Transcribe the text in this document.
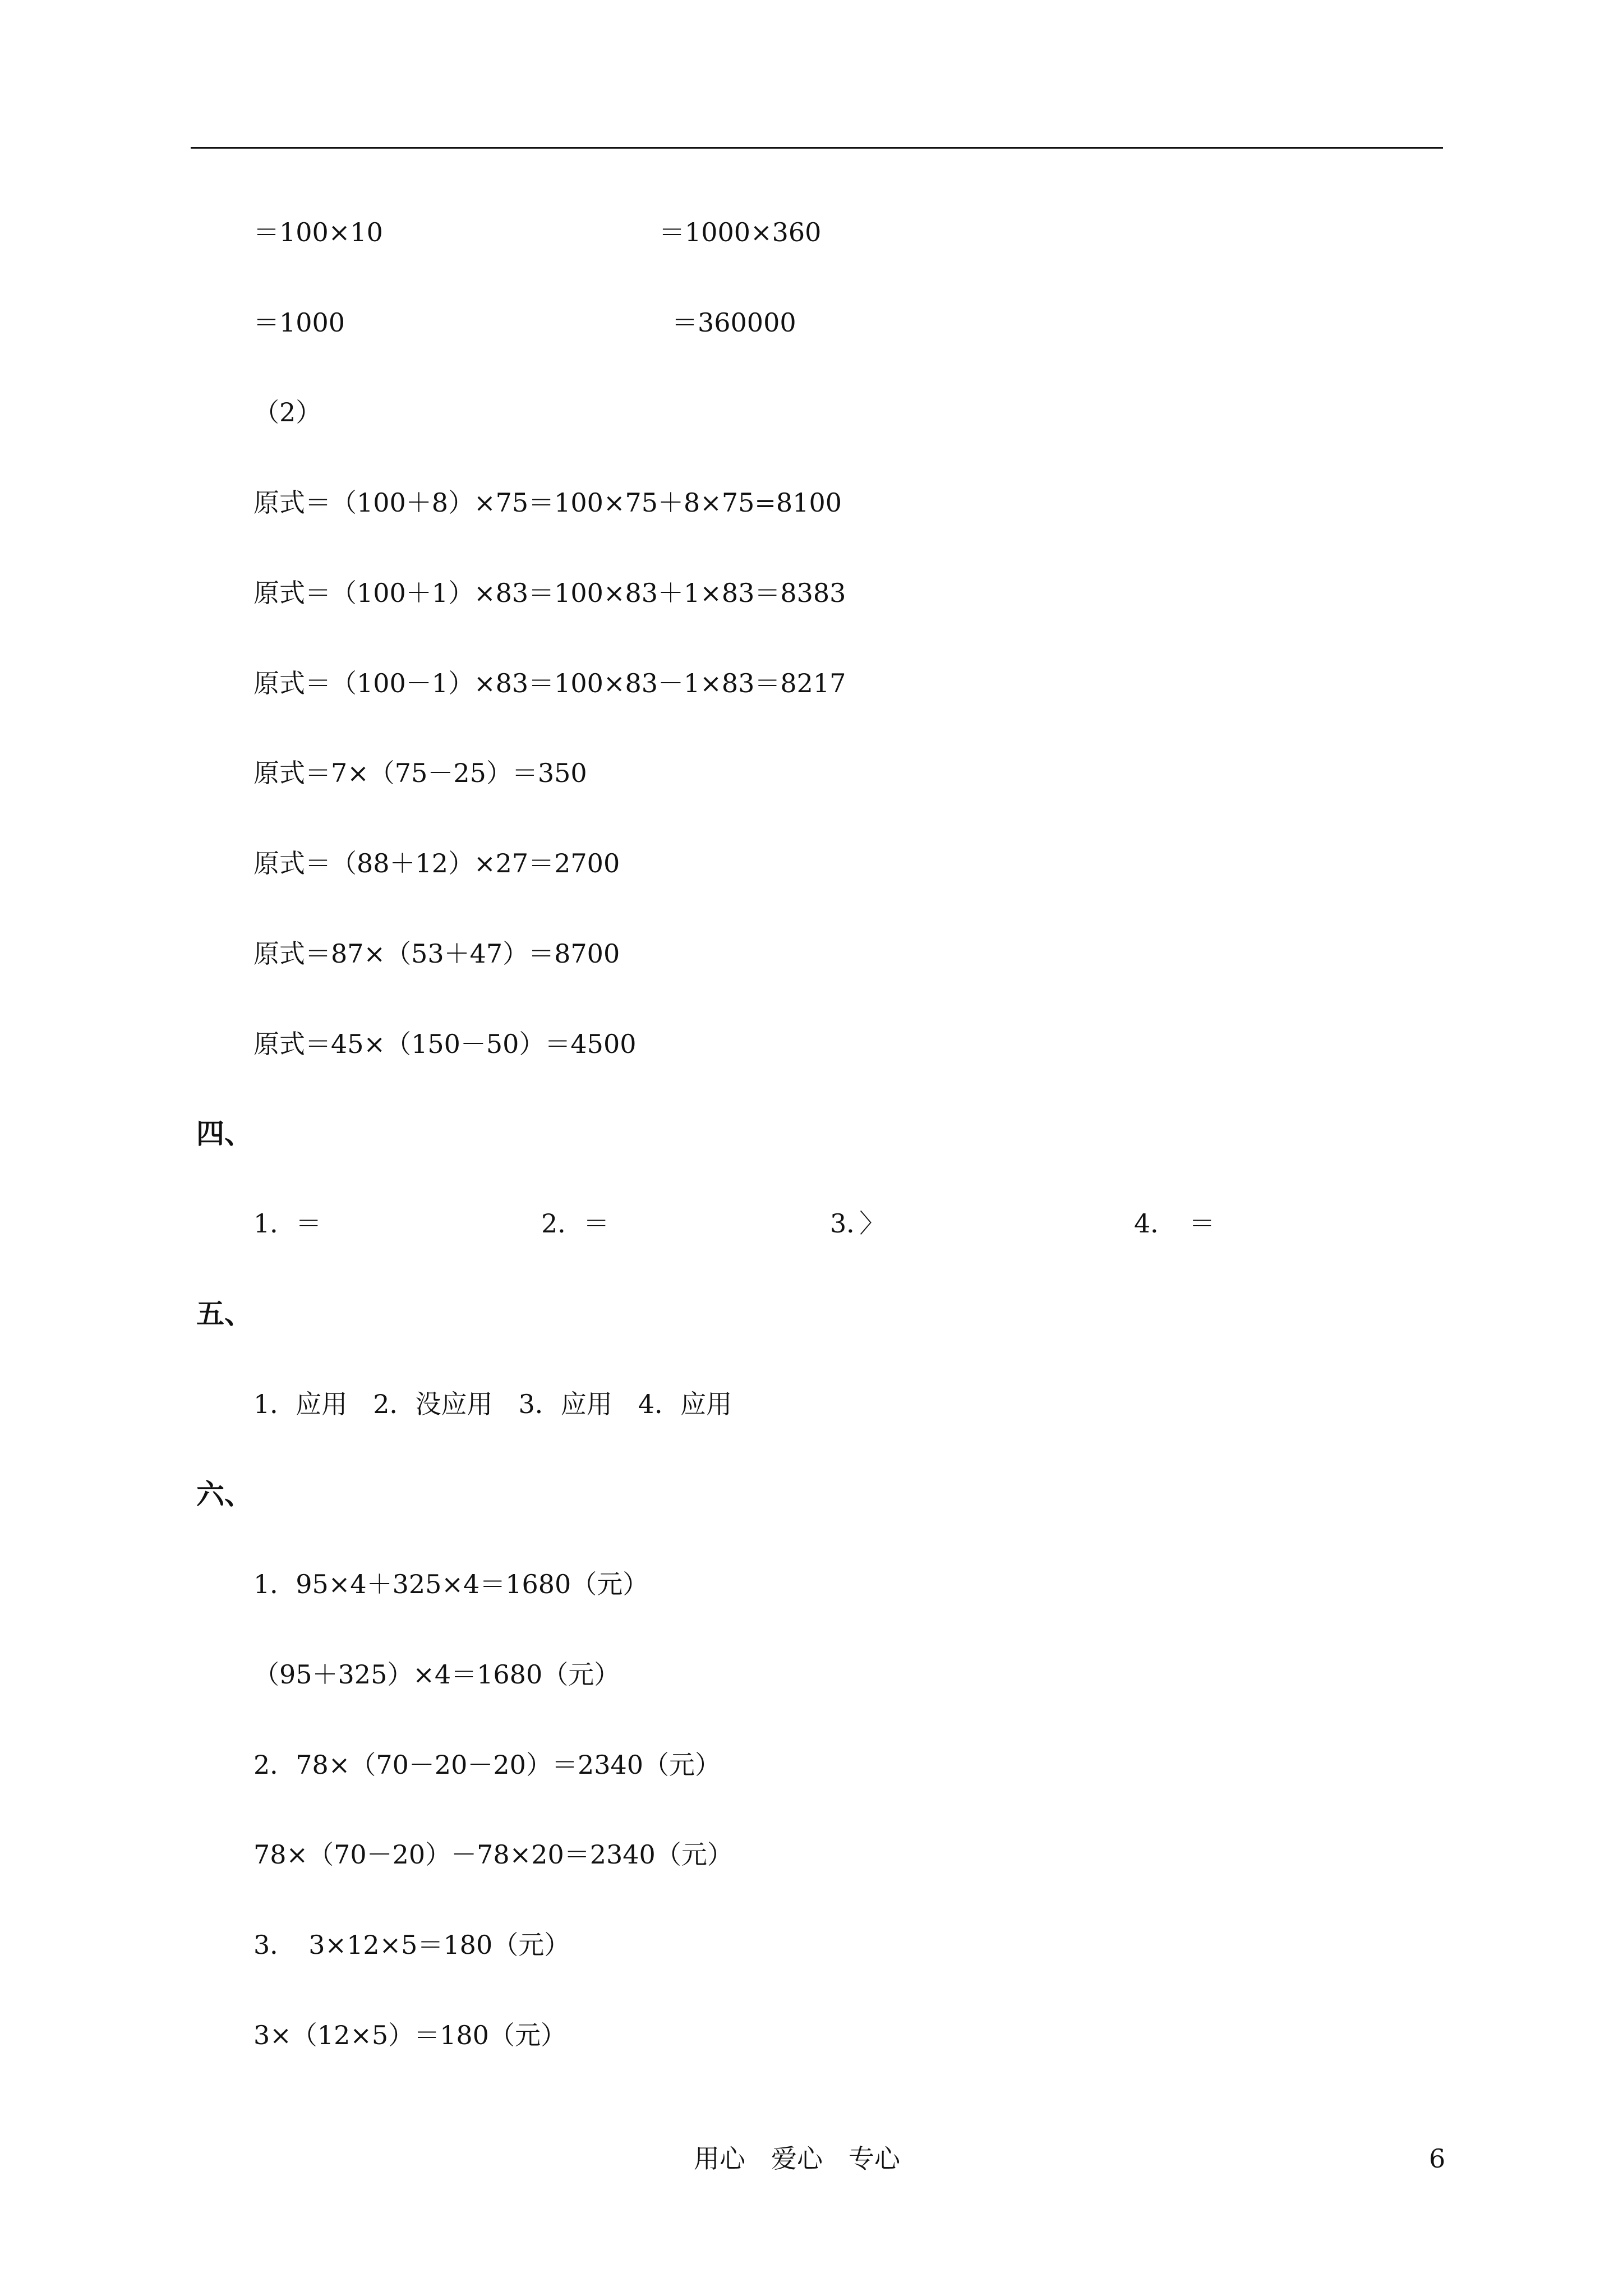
＝100×10	＝1000×360
＝1000	＝360000
（2）
原式＝（100＋8）×75＝100×75＋8×75=8100
原式＝（100＋1）×83＝100×83＋1×83＝8383
原式＝（100－1）×83＝100×83－1×83＝8217
原式＝7×（75－25）＝350
原式＝（88＋12）×27＝2700
原式＝87×（53＋47）＝8700
原式＝45×（150－50）＝4500
四、
1．＝	2．＝	3．〉	4．　＝
五、
1．应用　2．没应用　3．应用　4．应用
六、
1．95×4＋325×4＝1680（元）
（95＋325）×4＝1680（元）
2．78×（70－20－20）＝2340（元）
78×（70－20）－78×20＝2340（元）
3．　3×12×5＝180（元）
3×（12×5）＝180（元）
用心　爱心　专心	6
